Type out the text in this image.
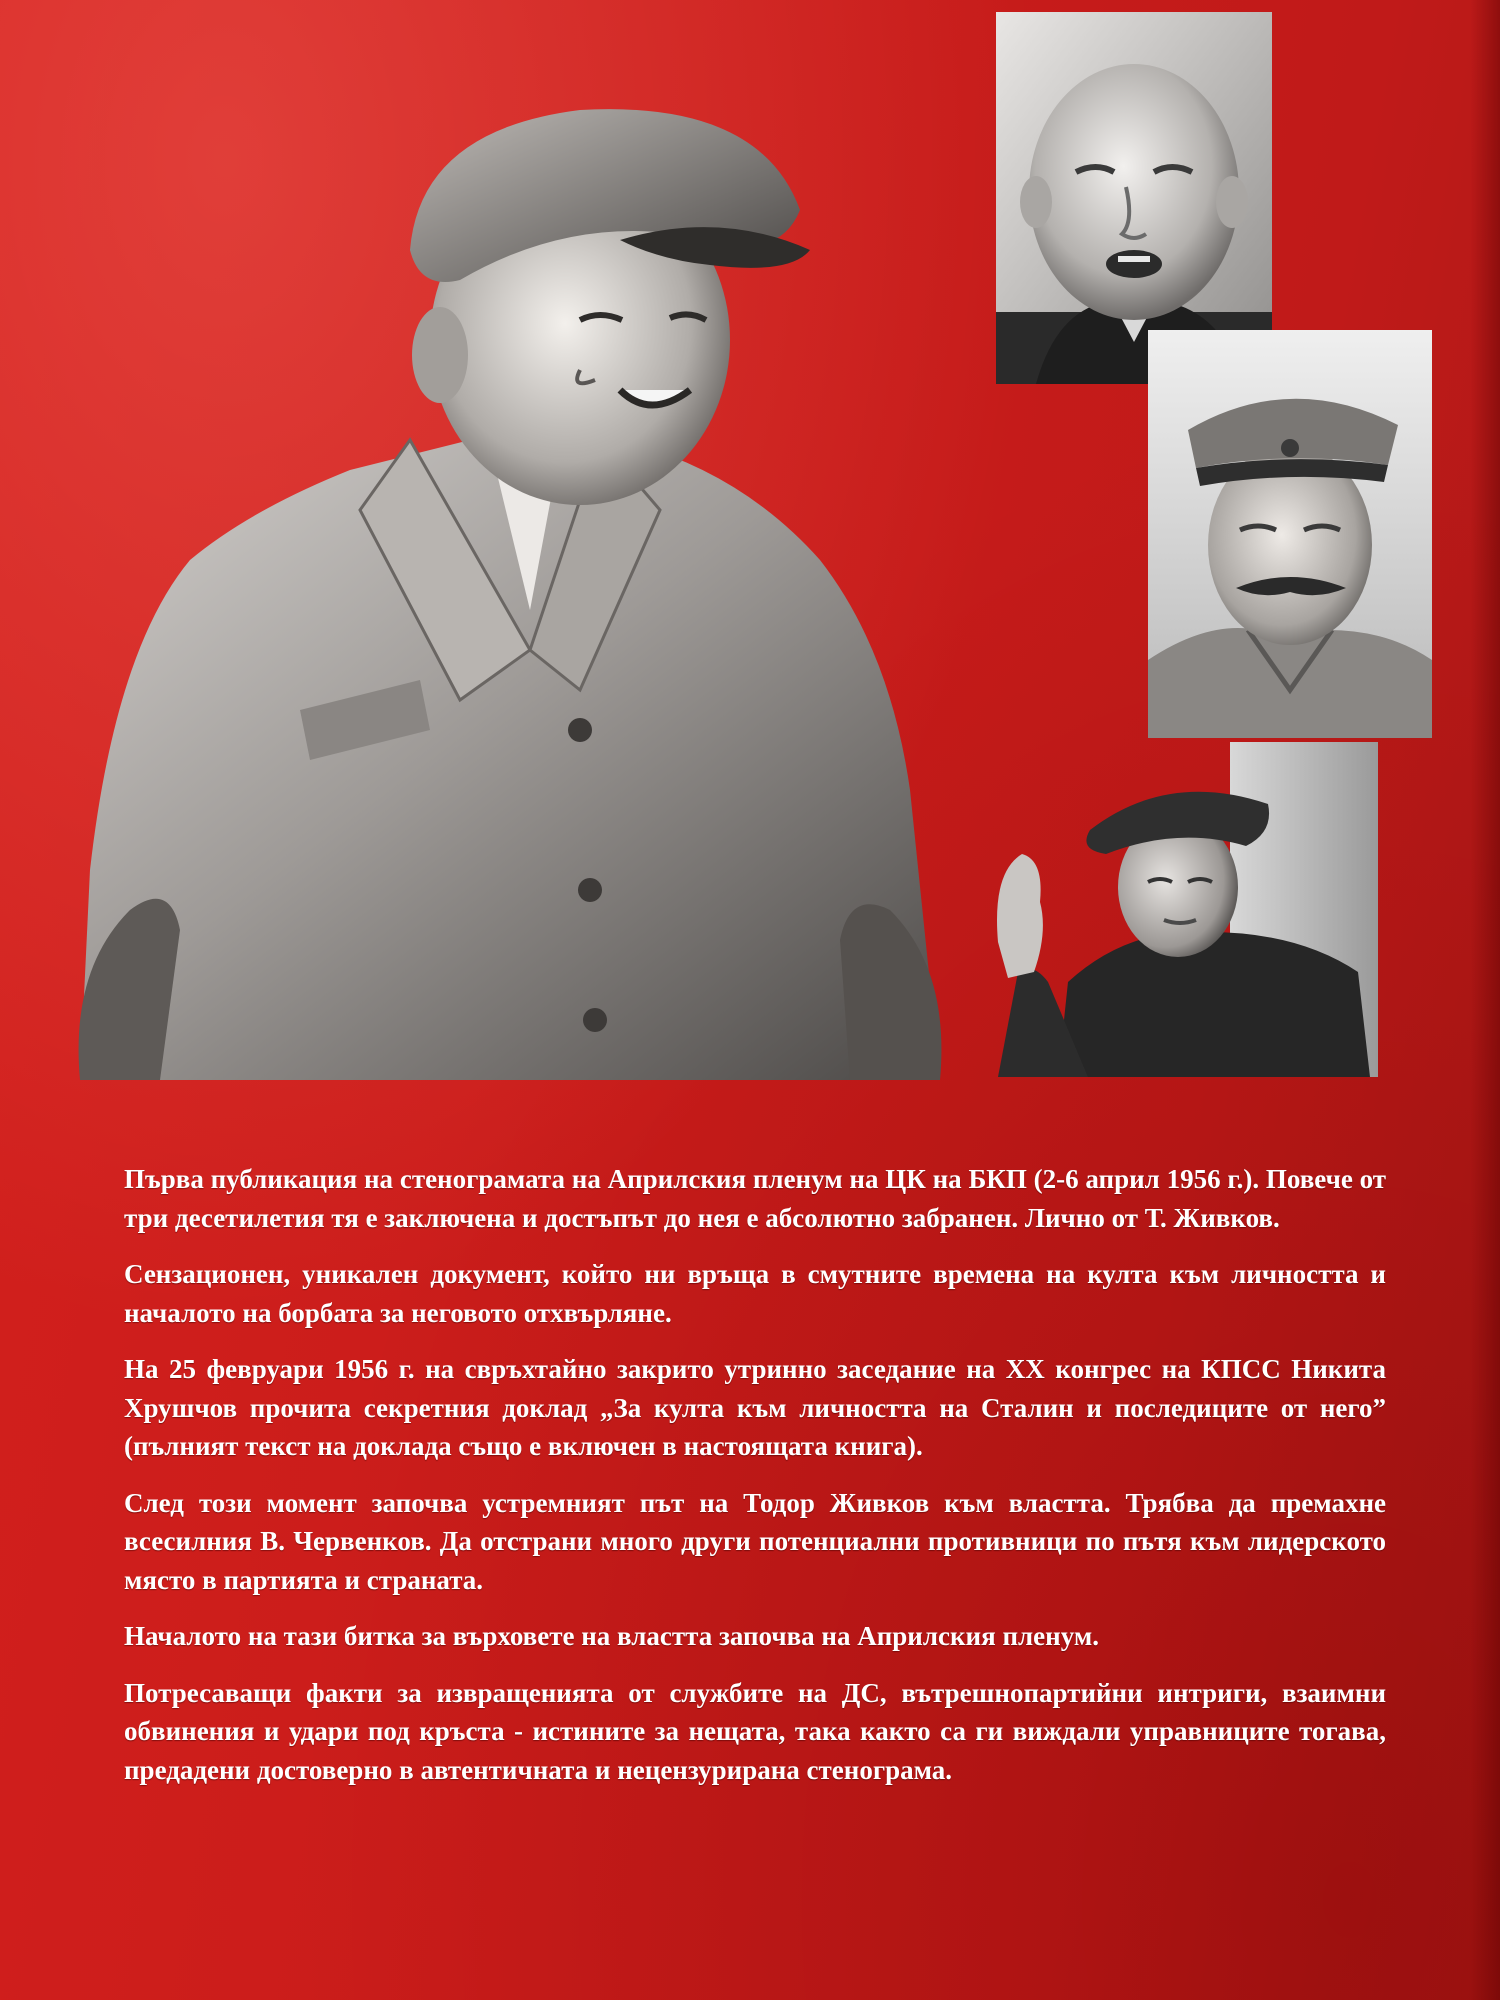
Първа публикация на стенограмата на Априлския пленум на ЦК на БКП (2-6 април 1956 г.). Повече от три десетилетия тя е заключена и достъпът до нея е абсолютно забранен. Лично от Т. Живков.

Сензационен, уникален документ, който ни връща в смутните времена на култа към личността и началото на борбата за неговото отхвърляне.

На 25 февруари 1956 г. на свръхтайно закрито утринно заседание на XX конгрес на КПСС Никита Хрушчов прочита секретния доклад „За култа към личността на Сталин и последиците от него” (пълният текст на доклада също е включен в настоящата книга).

След този момент започва устремният път на Тодор Живков към властта. Трябва да премахне всесилния В. Червенков. Да отстрани много други потенциални противници по пътя към лидерското място в партията и страната.

Началото на тази битка за върховете на властта започва на Априлския пленум.

Потресаващи факти за извращенията от службите на ДС, вътрешнопартийни интриги, взаимни обвинения и удари под кръста - истините за нещата, така както са ги виждали управниците тогава, предадени достоверно в автентичната и нецензурирана стенограма.
